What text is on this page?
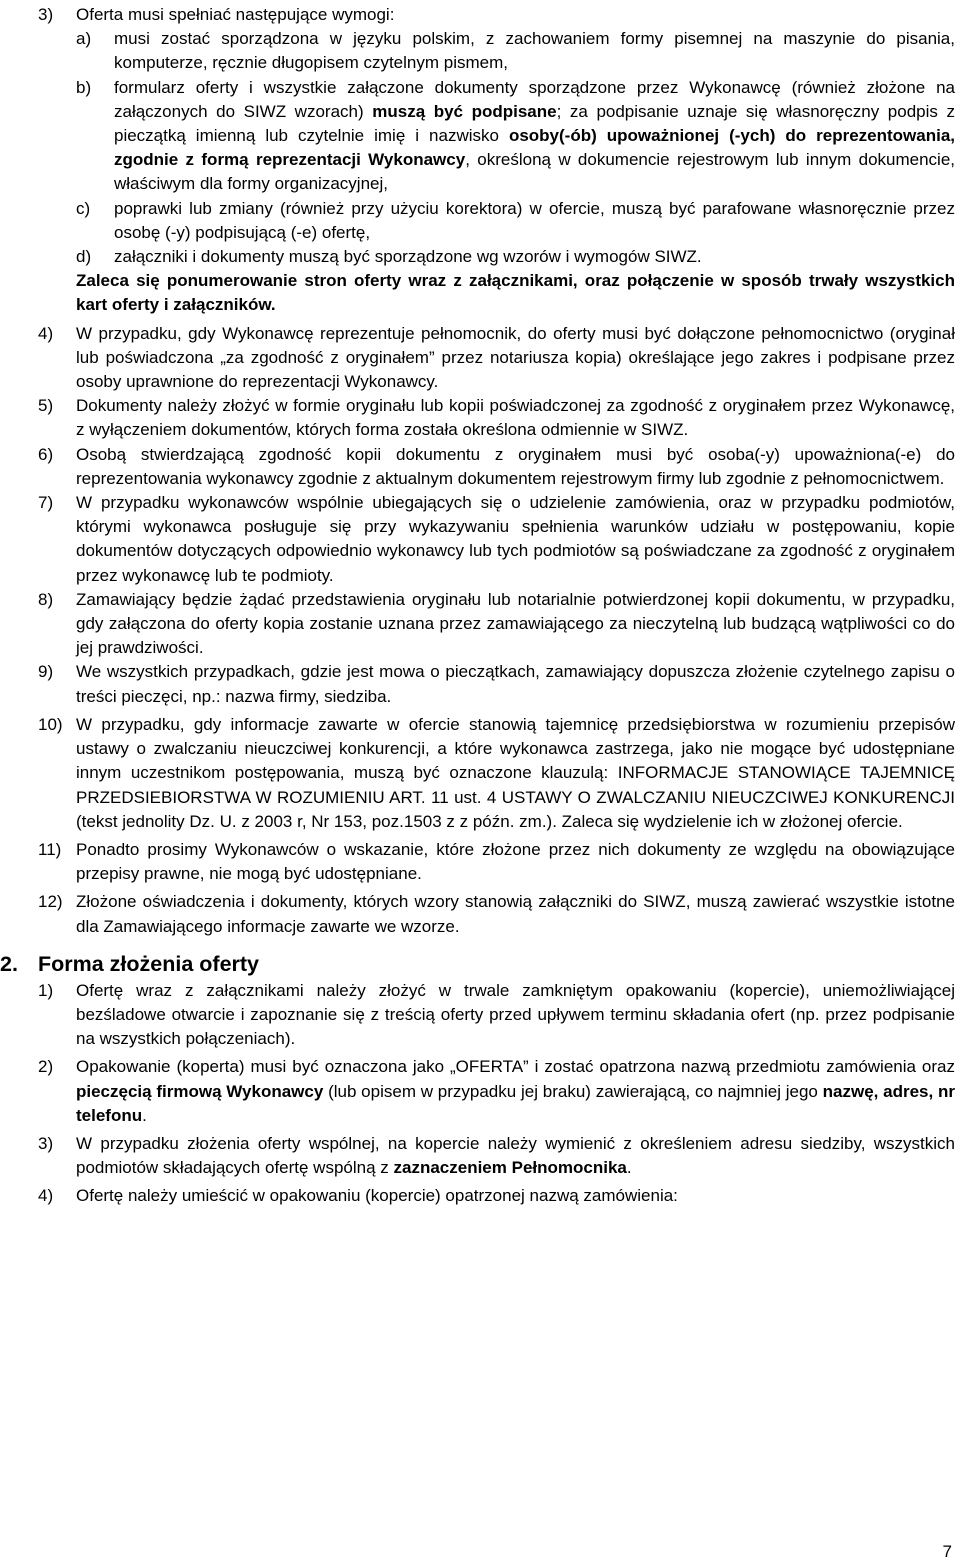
3)	Oferta musi spełniać następujące wymogi:

a)	musi zostać sporządzona w języku polskim, z zachowaniem formy pisemnej na maszynie do pisania, komputerze, ręcznie długopisem czytelnym pismem,
b)	formularz oferty i wszystkie załączone dokumenty sporządzone przez Wykonawcę (również złożone na załączonych do SIWZ wzorach) muszą być podpisane; za podpisanie uznaje się własnoręczny podpis z pieczątką imienną lub czytelnie imię i nazwisko osoby(-ób) upoważnionej (-ych) do reprezentowania, zgodnie z formą reprezentacji Wykonawcy, określoną w dokumencie rejestrowym lub innym dokumencie, właściwym dla formy organizacyjnej,
c)	poprawki lub zmiany (również przy użyciu korektora) w ofercie, muszą być parafowane własnoręcznie przez osobę (-y) podpisującą (-e) ofertę,
d)	załączniki i dokumenty muszą być sporządzone wg wzorów i wymogów SIWZ.

Zaleca się ponumerowanie stron oferty wraz z załącznikami, oraz połączenie w sposób trwały wszystkich kart oferty i załączników.

4)	W przypadku, gdy Wykonawcę reprezentuje pełnomocnik, do oferty musi być dołączone pełnomocnictwo (oryginał lub poświadczona „za zgodność z oryginałem” przez notariusza kopia) określające jego zakres i podpisane przez osoby uprawnione do reprezentacji Wykonawcy.
5)	Dokumenty należy złożyć w formie oryginału lub kopii poświadczonej za zgodność z oryginałem przez Wykonawcę, z wyłączeniem dokumentów, których forma została określona odmiennie w SIWZ.
6)	Osobą stwierdzającą zgodność kopii dokumentu z oryginałem musi być osoba(-y) upoważniona(-e) do reprezentowania wykonawcy zgodnie z aktualnym dokumentem rejestrowym firmy lub zgodnie z pełnomocnictwem.
7)	W przypadku wykonawców wspólnie ubiegających się o udzielenie zamówienia, oraz w przypadku podmiotów, którymi wykonawca posługuje się przy wykazywaniu spełnienia warunków udziału w postępowaniu, kopie dokumentów dotyczących odpowiednio wykonawcy lub tych podmiotów są poświadczane za zgodność z oryginałem przez wykonawcę lub te podmioty.
8)	Zamawiający będzie żądać przedstawienia oryginału lub notarialnie potwierdzonej kopii dokumentu, w przypadku, gdy załączona do oferty kopia zostanie uznana przez zamawiającego za nieczytelną lub budzącą wątpliwości co do jej prawdziwości.
9)	We wszystkich przypadkach, gdzie jest mowa o pieczątkach, zamawiający dopuszcza złożenie czytelnego zapisu o treści pieczęci, np.: nazwa firmy, siedziba.
10) W przypadku, gdy informacje zawarte w ofercie stanowią tajemnicę przedsiębiorstwa w rozumieniu przepisów ustawy o zwalczaniu nieuczciwej konkurencji, a które wykonawca zastrzega, jako nie mogące być udostępniane innym uczestnikom postępowania, muszą być oznaczone klauzulą: INFORMACJE STANOWIĄCE TAJEMNICĘ PRZEDSIEBIORSTWA W ROZUMIENIU ART. 11 ust. 4 USTAWY O ZWALCZANIU NIEUCZCIWEJ KONKURENCJI (tekst jednolity Dz. U. z 2003 r, Nr 153, poz.1503 z z późn. zm.). Zaleca się wydzielenie ich w złożonej ofercie.
11) Ponadto prosimy Wykonawców o wskazanie, które złożone przez nich dokumenty ze względu na obowiązujące przepisy prawne, nie mogą być udostępniane.
12) Złożone oświadczenia i dokumenty, których wzory stanowią załączniki do SIWZ, muszą zawierać wszystkie istotne dla Zamawiającego informacje zawarte we wzorze.
2. Forma złożenia oferty
1)	Ofertę wraz z załącznikami należy złożyć w trwale zamkniętym opakowaniu (kopercie), uniemożliwiającej bezśladowe otwarcie i zapoznanie się z treścią oferty przed upływem terminu składania ofert (np. przez podpisanie na wszystkich połączeniach).
2)	Opakowanie (koperta) musi być oznaczona jako „OFERTA” i zostać opatrzona nazwą przedmiotu zamówienia oraz pieczęcią firmową Wykonawcy (lub opisem w przypadku jej braku) zawierającą, co najmniej jego nazwę, adres, nr telefonu.
3)	W przypadku złożenia oferty wspólnej, na kopercie należy wymienić z określeniem adresu siedziby, wszystkich podmiotów składających ofertę wspólną z zaznaczeniem Pełnomocnika.
4)	Ofertę należy umieścić w opakowaniu (kopercie) opatrzonej nazwą zamówienia:
7
